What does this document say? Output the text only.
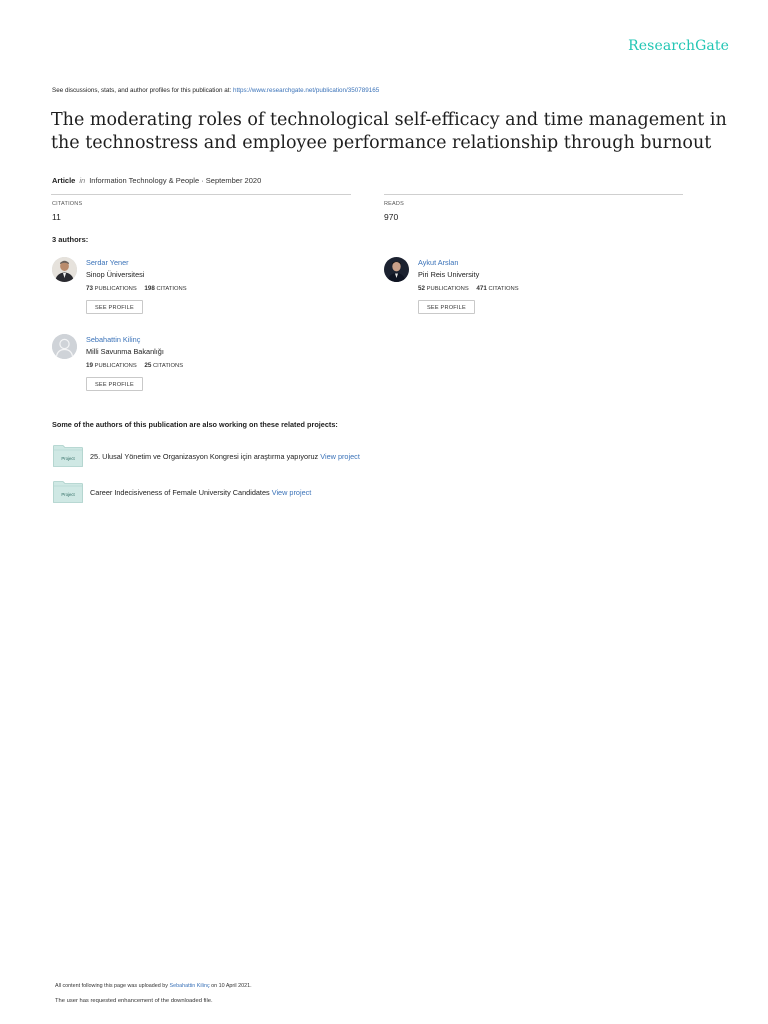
ResearchGate
See discussions, stats, and author profiles for this publication at: https://www.researchgate.net/publication/350789165
The moderating roles of technological self-efficacy and time management in the technostress and employee performance relationship through burnout
Article in Information Technology & People · September 2020
CITATIONS
11
READS
970
3 authors:
Serdar Yener
Sinop Üniversitesi
73 PUBLICATIONS 198 CITATIONS
SEE PROFILE
Aykut Arslan
Piri Reis University
52 PUBLICATIONS 471 CITATIONS
SEE PROFILE
Sebahattin Kilinç
Milli Savunma Bakanlığı
19 PUBLICATIONS 25 CITATIONS
SEE PROFILE
Some of the authors of this publication are also working on these related projects:
Project 25. Ulusal Yönetim ve Organizasyon Kongresi için araştırma yapıyoruz View project
Project Career Indecisiveness of Female University Candidates View project
All content following this page was uploaded by Sebahattin Kilinç on 10 April 2021.
The user has requested enhancement of the downloaded file.
